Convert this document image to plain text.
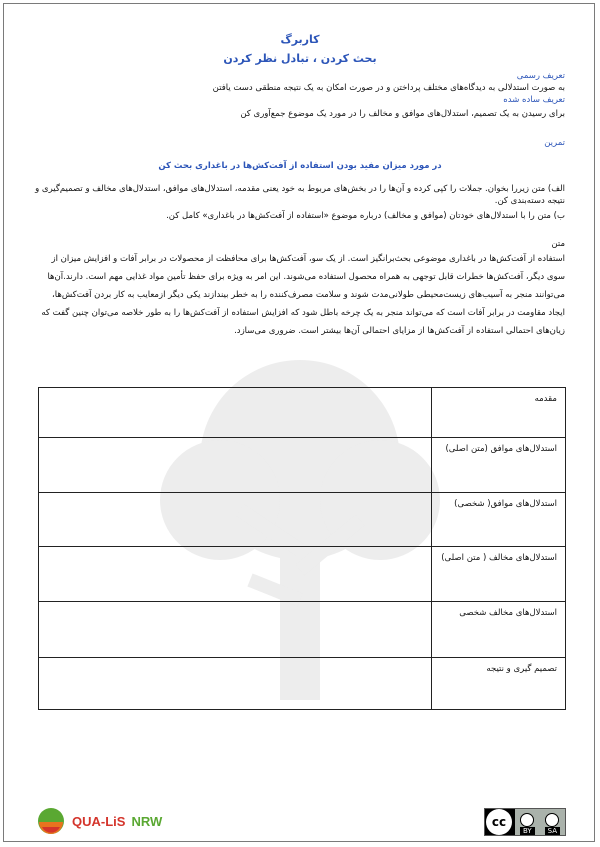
کاربرگ
بحث کردن ، تبادل نظر کردن
تعریف رسمی
به صورت استدلالی به دیدگاه‌های مختلف پرداختن و در صورت امکان به یک نتیجه منطقی دست یافتن
تعریف ساده شده
برای رسیدن به یک تصمیم، استدلال‌های موافق و مخالف را در مورد یک موضوع جمع‌آوری کن
تمرین
در مورد میزان مفید بودن استفاده از آفت‌کش‌ها در باغداری بحث کن
الف) متن زیررا بخوان. جملات را کپی کرده و آن‌ها را در بخش‌های مربوط به خود یعنی مقدمه، استدلال‌های موافق، استدلال‌های مخالف و تصمیم‌گیری و نتیجه دسته‌بندی کن.
ب) متن را با استدلال‌های خودتان (موافق و مخالف) درباره موضوع «استفاده از آفت‌کش‌ها در باغداری» کامل کن.
متن
استفاده از آفت‌کش‌ها در باغداری موضوعی بحث‌برانگیز است. از یک سو، آفت‌کش‌ها برای محافظت از محصولات در برابر آفات و افزایش میزان از سوی دیگر، آفت‌کش‌ها خطرات قابل توجهی به همراه محصول استفاده می‌شوند. این امر به ویژه برای حفظ تأمین مواد غذایی مهم است. دارند.آن‌ها می‌توانند منجر به آسیب‌های زیست‌محیطی طولانی‌مدت شوند و سلامت مصرف‌کننده را به خطر بیندازند یکی دیگر ازمعایب به کار بردن آفت‌کش‌ها، ایجاد مقاومت در برابر آفات است که می‌تواند منجر به یک چرخه باطل شود که افزایش استفاده از آفت‌کش‌ها را به طور خلاصه می‌توان چنین گفت که زیان‌های احتمالی استفاده از آفت‌کش‌ها از مزایای احتمالی آن‌ها بیشتر است. ضروری می‌سازد.
مقدمه	
استدلال‌های موافق (متن اصلی)	
استدلال‌های موافق( شخصی)	
استدلال‌های مخالف ( متن اصلی)	
استدلال‌های مخالف شخصی	
تصمیم گیری و نتیجه	
QUA-LiS NRW	cc
BY	SA
